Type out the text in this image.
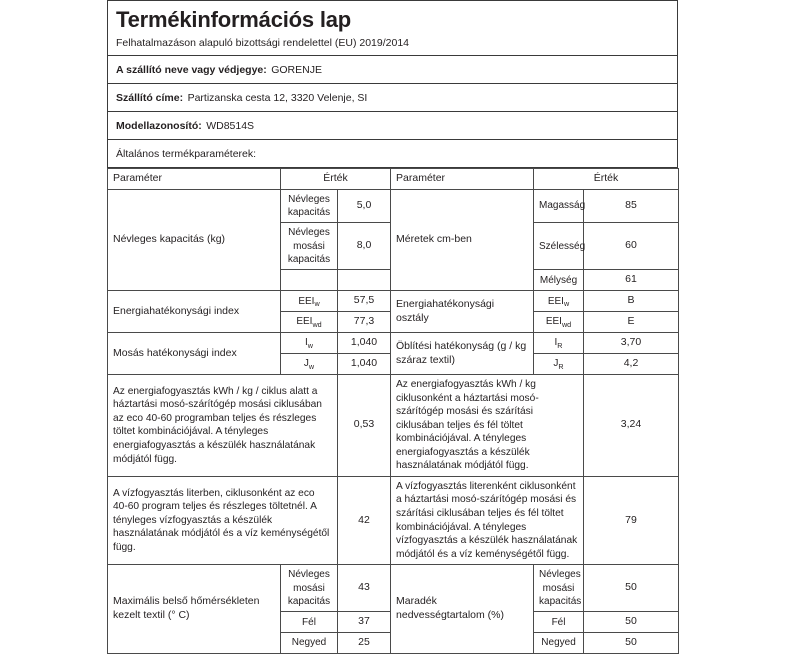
Termékinformációs lap
Felhatalmazáson alapuló bizottsági rendelettel (EU) 2019/2014
A szállító neve vagy védjegye: GORENJE
Szállító címe: Partizanska cesta 12, 3320 Velenje, SI
Modellazonosító: WD8514S
Általános termékparaméterek:
Paraméter	Érték		Paraméter	Érték	
Névleges kapacitás (kg)	Névleges kapacitás	5,0	Méretek cm-ben	Magasság	85
	Névleges mosási kapacitás	8,0		Szélesség	60
				Mélység	61
Energiahatékonysági index	$EEI_w$	57,5	Energiahatékonysági osztály	$EEI_w$	B
	$EEI_{wd}$	77,3		$EEI_{wd}$	E
Mosás hatékonysági index	$I_w$	1,040	Öblítési hatékonyság (g / kg száraz textil)	$I_R$	3,70
	$J_w$	1,040		$J_R$	4,2
Az energiafogyasztás kWh / kg / ciklus alatt a háztartási mosó-szárítógép mosási ciklusában az eco 40-60 programban teljes és részleges töltet kombinációjával. A tényleges energiafogyasztás a készülék használatának módjától függ.	0,53	Az energiafogyasztás kWh / kg ciklusonként a háztartási mosó-szárítógép mosási és szárítási ciklusában teljes és fél töltet kombinációjával. A tényleges energiafogyasztás a készülék használatának módjától függ.	3,24
A vízfogyasztás literben, ciklusonként az eco 40-60 program teljes és részleges töltetnél. A tényleges vízfogyasztás a készülék használatának módjától és a víz keménységétől függ.		42	A vízfogyasztás literenként ciklusonként a háztartási mosó-szárítógép mosási és szárítási ciklusában teljes és fél töltet kombinációjával. A tényleges vízfogyasztás a készülék használatának módjától és a víz keménységétől függ.		79
Maximális belső hőmérsékleten kezelt textil (° C)	Névleges mosási kapacitás	43	Maradék nedvességtartalom (%)	Névleges mosási kapacitás	50
	Fél	37		Fél	50
	Negyed	25		Negyed	50
